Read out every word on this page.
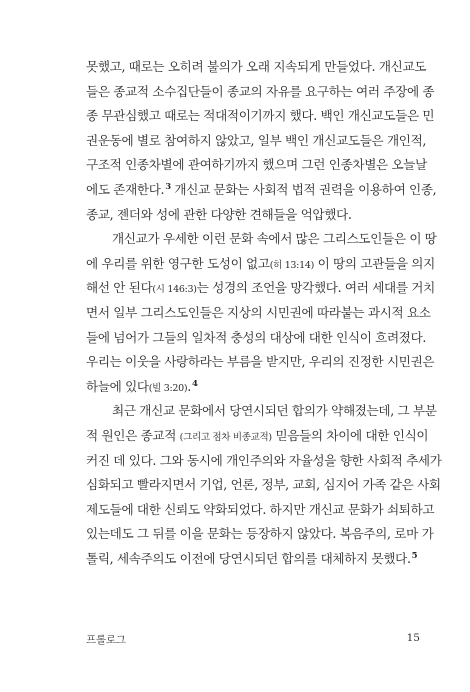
못했고, 때로는 오히려 불의가 오래 지속되게 만들었다. 개신교도
들은 종교적 소수집단들이 종교의 자유를 요구하는 여러 주장에 종
종 무관심했고 때로는 적대적이기까지 했다. 백인 개신교도들은 민
권운동에 별로 참여하지 않았고, 일부 백인 개신교도들은 개인적,
구조적 인종차별에 관여하기까지 했으며 그런 인종차별은 오늘날
에도 존재한다.$^3$ 개신교 문화는 사회적 법적 권력을 이용하여 인종,
종교, 젠더와 성에 관한 다양한 견해들을 억압했다.
개신교가 우세한 이런 문화 속에서 많은 그리스도인들은 이 땅
에 우리를 위한 영구한 도성이 없고(히 13:14) 이 땅의 고관들을 의지
해선 안 된다(시 146:3)는 성경의 조언을 망각했다. 여러 세대를 거치
면서 일부 그리스도인들은 지상의 시민권에 따라붙는 과시적 요소
들에 넘어가 그들의 일차적 충성의 대상에 대한 인식이 흐려졌다.
우리는 이웃을 사랑하라는 부름을 받지만, 우리의 진정한 시민권은
하늘에 있다(빌 3:20).$^4$
최근 개신교 문화에서 당연시되던 합의가 약해졌는데, 그 부분
적 원인은 종교적 (그리고 점차 비종교적) 믿음들의 차이에 대한 인식이
커진 데 있다. 그와 동시에 개인주의와 자율성을 향한 사회적 추세가
심화되고 빨라지면서 기업, 언론, 정부, 교회, 심지어 가족 같은 사회
제도들에 대한 신뢰도 약화되었다. 하지만 개신교 문화가 쇠퇴하고
있는데도 그 뒤를 이을 문화는 등장하지 않았다. 복음주의, 로마 가
톨릭, 세속주의도 이전에 당연시되던 합의를 대체하지 못했다.$^5$
프롤로그	15
